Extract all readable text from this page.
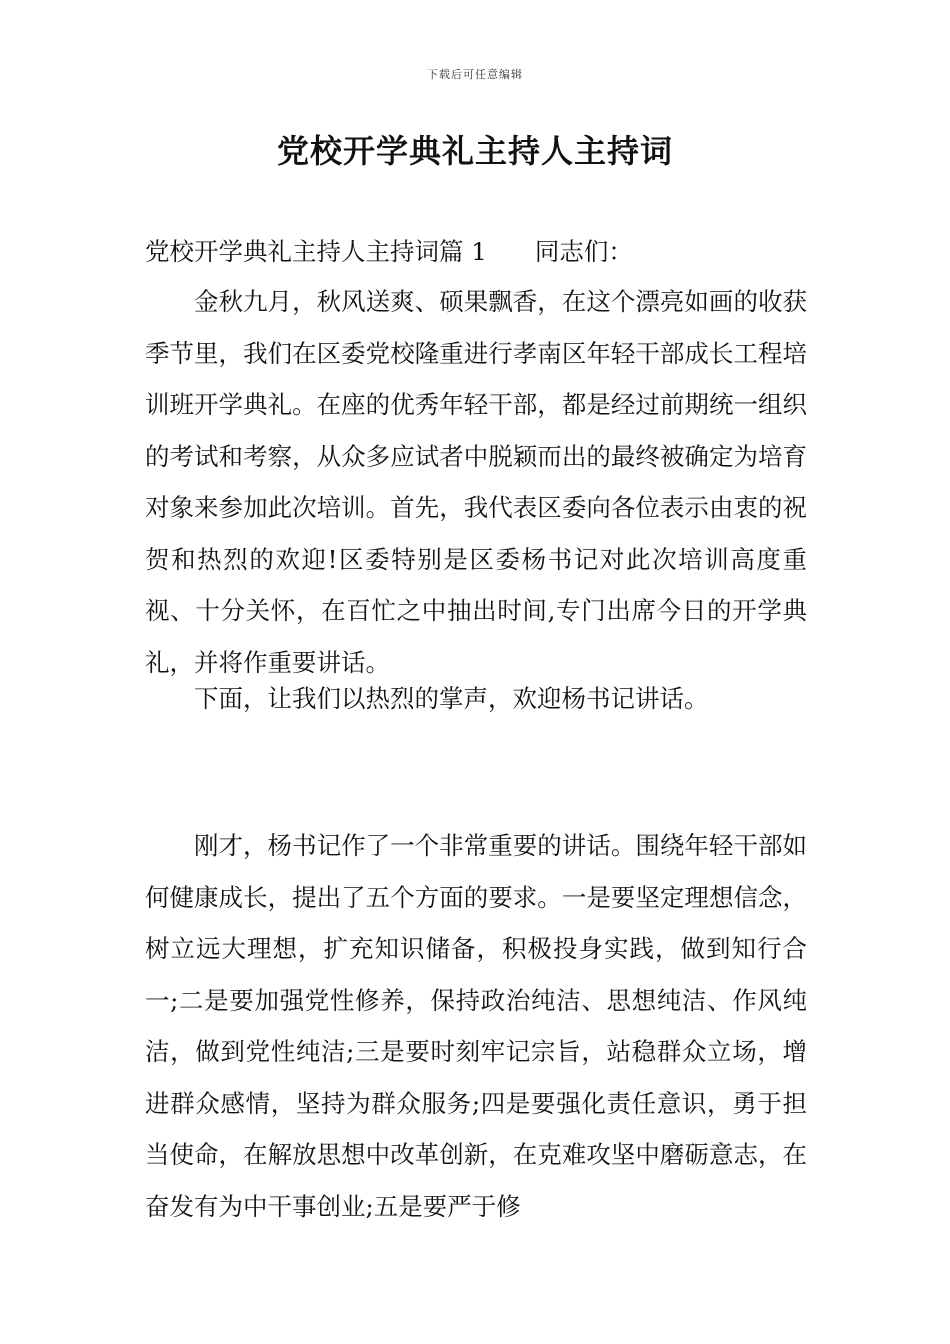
下载后可任意编辑
党校开学典礼主持人主持词

党校开学典礼主持人主持词篇 1 同志们：

金秋九月，秋风送爽、硕果飘香，在这个漂亮如画的收获季节里，我们在区委党校隆重进行孝南区年轻干部成长工程培训班开学典礼。在座的优秀年轻干部，都是经过前期统一组织的考试和考察，从众多应试者中脱颖而出的最终被确定为培育对象来参加此次培训。首先，我代表区委向各位表示由衷的祝贺和热烈的欢迎!区委特别是区委杨书记对此次培训高度重视、十分关怀，在百忙之中抽出时间,专门出席今日的开学典礼，并将作重要讲话。

下面，让我们以热烈的掌声，欢迎杨书记讲话。

刚才，杨书记作了一个非常重要的讲话。围绕年轻干部如何健康成长，提出了五个方面的要求。一是要坚定理想信念，树立远大理想，扩充知识储备，积极投身实践，做到知行合一;二是要加强党性修养，保持政治纯洁、思想纯洁、作风纯洁，做到党性纯洁;三是要时刻牢记宗旨，站稳群众立场，增进群众感情，坚持为群众服务;四是要强化责任意识，勇于担当使命，在解放思想中改革创新，在克难攻坚中磨砺意志，在奋发有为中干事创业;五是要严于修
